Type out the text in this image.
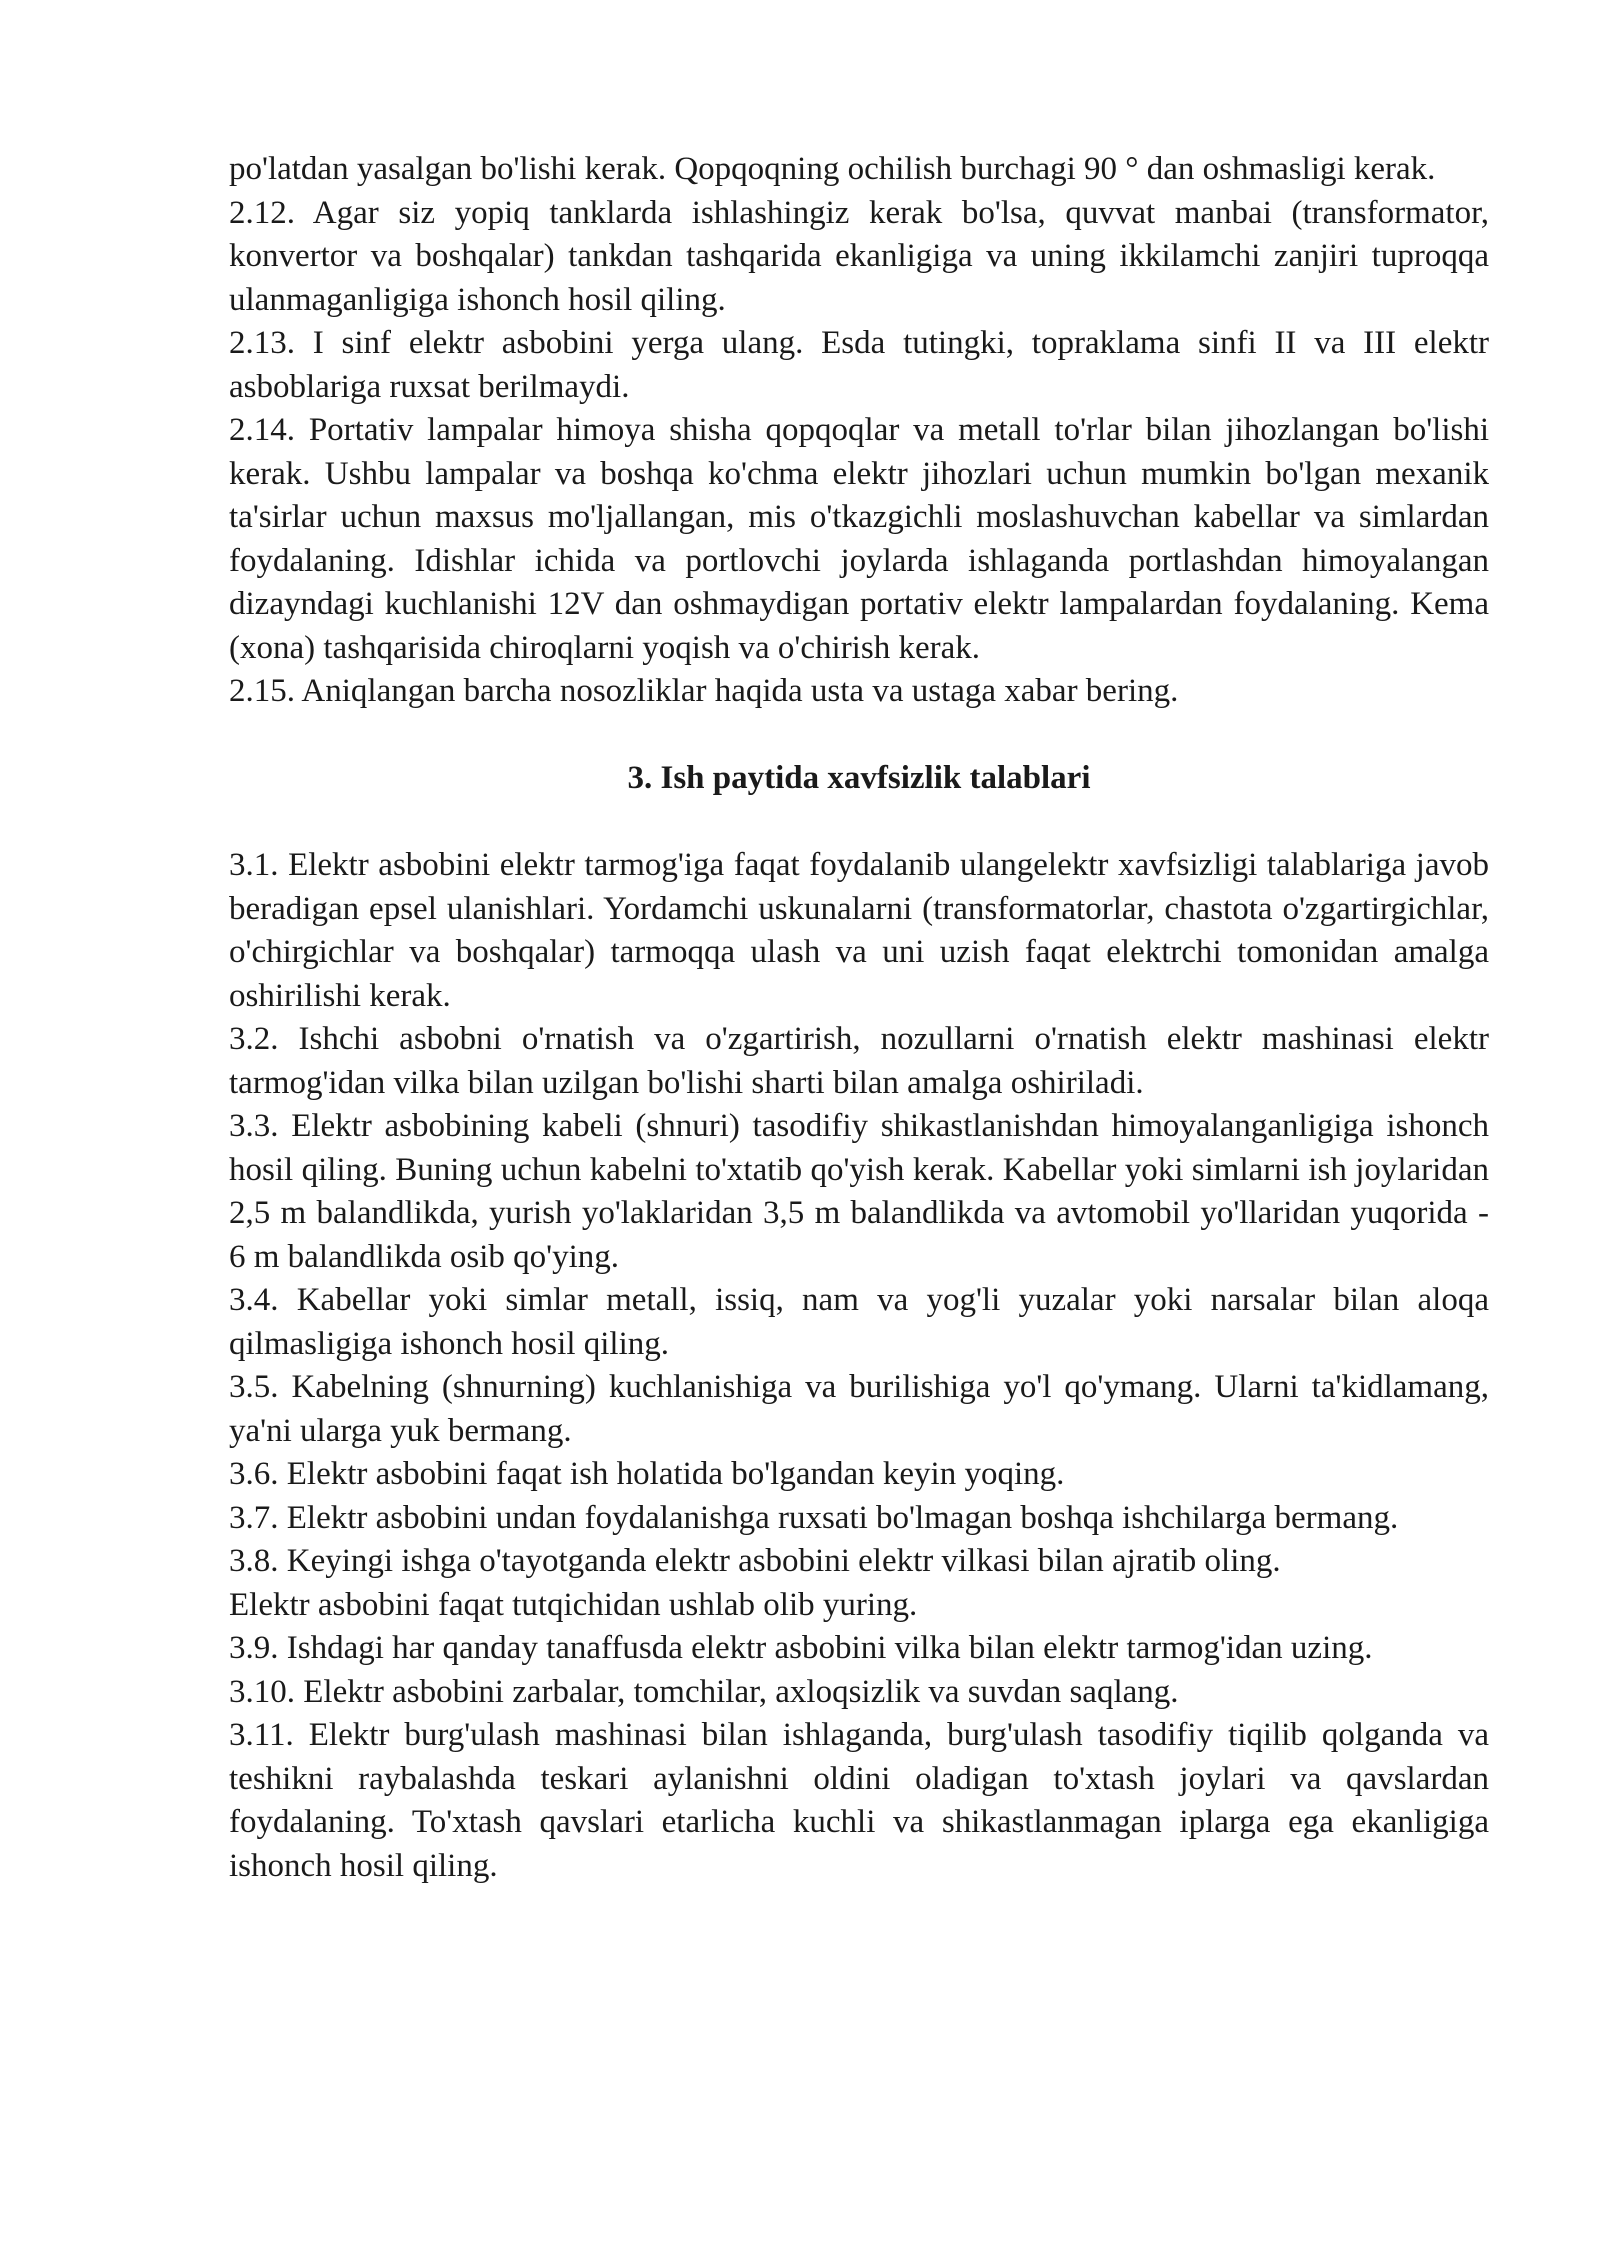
po'latdan yasalgan bo'lishi kerak. Qopqoqning ochilish burchagi 90 ° dan oshmasligi kerak.

2.12. Agar siz yopiq tanklarda ishlashingiz kerak bo'lsa, quvvat manbai (transformator, konvertor va boshqalar) tankdan tashqarida ekanligiga va uning ikkilamchi zanjiri tuproqqa ulanmaganligiga ishonch hosil qiling.

2.13. I sinf elektr asbobini yerga ulang. Esda tutingki, topraklama sinfi II va III elektr asboblariga ruxsat berilmaydi.

2.14. Portativ lampalar himoya shisha qopqoqlar va metall to'rlar bilan jihozlangan bo'lishi kerak. Ushbu lampalar va boshqa ko'chma elektr jihozlari uchun mumkin bo'lgan mexanik ta'sirlar uchun maxsus mo'ljallangan, mis o'tkazgichli moslashuvchan kabellar va simlardan foydalaning. Idishlar ichida va portlovchi joylarda ishlaganda portlashdan himoyalangan dizayndagi kuchlanishi 12V dan oshmaydigan portativ elektr lampalardan foydalaning. Kema (xona) tashqarisida chiroqlarni yoqish va o'chirish kerak.

2.15. Aniqlangan barcha nosozliklar haqida usta va ustaga xabar bering.

3. Ish paytida xavfsizlik talablari

3.1. Elektr asbobini elektr tarmog'iga faqat foydalanib ulangelektr xavfsizligi talablariga javob beradigan epsel ulanishlari. Yordamchi uskunalarni (transformatorlar, chastota o'zgartirgichlar, o'chirgichlar va boshqalar) tarmoqqa ulash va uni uzish faqat elektrchi tomonidan amalga oshirilishi kerak.

3.2. Ishchi asbobni o'rnatish va o'zgartirish, nozullarni o'rnatish elektr mashinasi elektr tarmog'idan vilka bilan uzilgan bo'lishi sharti bilan amalga oshiriladi.

3.3. Elektr asbobining kabeli (shnuri) tasodifiy shikastlanishdan himoyalanganligiga ishonch hosil qiling. Buning uchun kabelni to'xtatib qo'yish kerak. Kabellar yoki simlarni ish joylaridan 2,5 m balandlikda, yurish yo'laklaridan 3,5 m balandlikda va avtomobil yo'llaridan yuqorida - 6 m balandlikda osib qo'ying.

3.4. Kabellar yoki simlar metall, issiq, nam va yog'li yuzalar yoki narsalar bilan aloqa qilmasligiga ishonch hosil qiling.

3.5. Kabelning (shnurning) kuchlanishiga va burilishiga yo'l qo'ymang. Ularni ta'kidlamang, ya'ni ularga yuk bermang.

3.6. Elektr asbobini faqat ish holatida bo'lgandan keyin yoqing.

3.7. Elektr asbobini undan foydalanishga ruxsati bo'lmagan boshqa ishchilarga bermang.

3.8. Keyingi ishga o'tayotganda elektr asbobini elektr vilkasi bilan ajratib oling.

Elektr asbobini faqat tutqichidan ushlab olib yuring.

3.9. Ishdagi har qanday tanaffusda elektr asbobini vilka bilan elektr tarmog'idan uzing.

3.10. Elektr asbobini zarbalar, tomchilar, axloqsizlik va suvdan saqlang.

3.11. Elektr burg'ulash mashinasi bilan ishlaganda, burg'ulash tasodifiy tiqilib qolganda va teshikni raybalashda teskari aylanishni oldini oladigan to'xtash joylari va qavslardan foydalaning. To'xtash qavslari etarlicha kuchli va shikastlanmagan iplarga ega ekanligiga ishonch hosil qiling.
